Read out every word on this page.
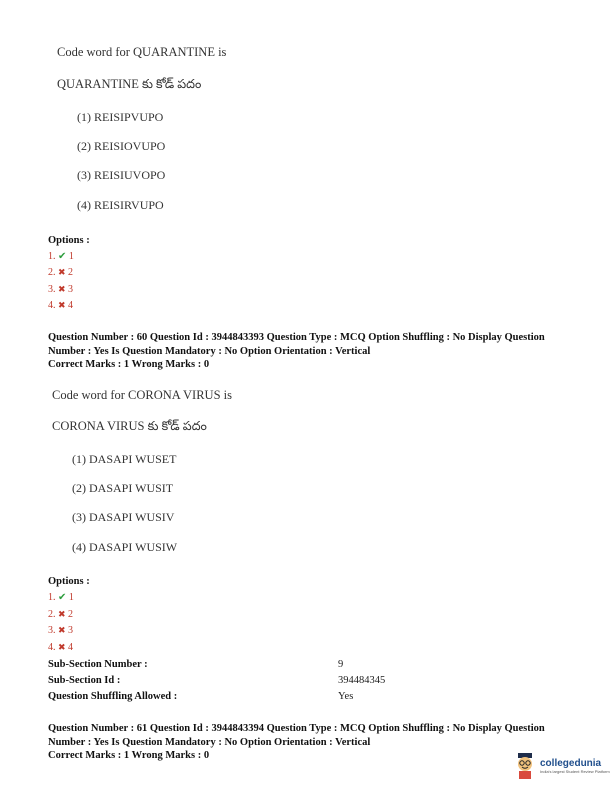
Code word for QUARANTINE is
QUARANTINE కు కోడ్ పదం
(1) REISIPVUPO
(2) REISIOVUPO
(3) REISIUVOPO
(4) REISIRVUPO
Options :
1. ✔ 1
2. ✖ 2
3. ✖ 3
4. ✖ 4
Question Number : 60 Question Id : 3944843393 Question Type : MCQ Option Shuffling : No Display Question Number : Yes Is Question Mandatory : No Option Orientation : Vertical
Correct Marks : 1 Wrong Marks : 0
Code word for CORONA VIRUS is
CORONA VIRUS కు కోడ్ పదం
(1) DASAPI WUSET
(2) DASAPI WUSIT
(3) DASAPI WUSIV
(4) DASAPI WUSIW
Options :
1. ✔ 1
2. ✖ 2
3. ✖ 3
4. ✖ 4
Sub-Section Number :	9
Sub-Section Id :	394484345
Question Shuffling Allowed :	Yes
Question Number : 61 Question Id : 3944843394 Question Type : MCQ Option Shuffling : No Display Question Number : Yes Is Question Mandatory : No Option Orientation : Vertical
Correct Marks : 1 Wrong Marks : 0
collegedunia
India's largest Student Review Platform
